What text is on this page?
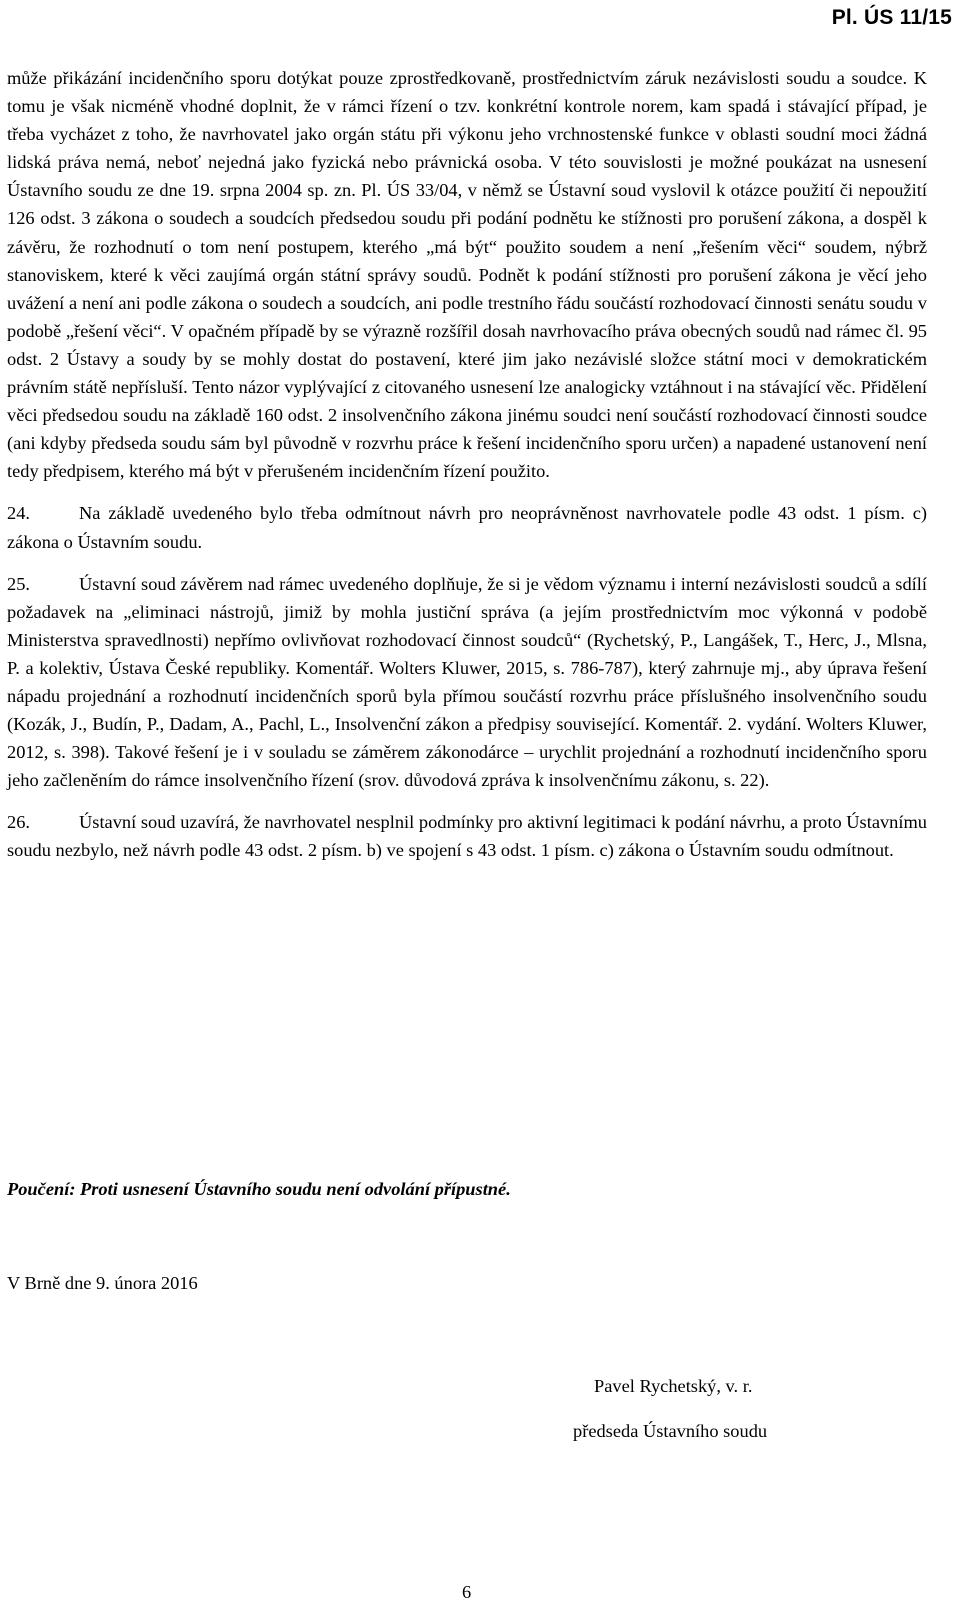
Pl. ÚS 11/15

může přikázání incidenčního sporu dotýkat pouze zprostředkovaně, prostřednictvím záruk nezávislosti soudu a soudce. K tomu je však nicméně vhodné doplnit, že v rámci řízení o tzv. konkrétní kontrole norem, kam spadá i stávající případ, je třeba vycházet z toho, že navrhovatel jako orgán státu při výkonu jeho vrchnostenské funkce v oblasti soudní moci žádná lidská práva nemá, neboť nejedná jako fyzická nebo právnická osoba. V této souvislosti je možné poukázat na usnesení Ústavního soudu ze dne 19. srpna 2004 sp. zn. Pl. ÚS 33/04, v němž se Ústavní soud vyslovil k otázce použití či nepoužití 126 odst. 3 zákona o soudech a soudcích předsedou soudu při podání podnětu ke stížnosti pro porušení zákona, a dospěl k závěru, že rozhodnutí o tom není postupem, kterého „má být“ použito soudem a není „řešením věci“ soudem, nýbrž stanoviskem, které k věci zaujímá orgán státní správy soudů. Podnět k podání stížnosti pro porušení zákona je věcí jeho uvážení a není ani podle zákona o soudech a soudcích, ani podle trestního řádu součástí rozhodovací činnosti senátu soudu v podobě „řešení věci“. V opačném případě by se výrazně rozšířil dosah navrhovacího práva obecných soudů nad rámec čl. 95 odst. 2 Ústavy a soudy by se mohly dostat do postavení, které jim jako nezávislé složce státní moci v demokratickém právním státě nepřísluší. Tento názor vyplývající z citovaného usnesení lze analogicky vztáhnout i na stávající věc. Přidělení věci předsedou soudu na základě 160 odst. 2 insolvenčního zákona jinému soudci není součástí rozhodovací činnosti soudce (ani kdyby předseda soudu sám byl původně v rozvrhu práce k řešení incidenčního sporu určen) a napadené ustanovení není tedy předpisem, kterého má být v přerušeném incidenčním řízení použito.

24.	Na základě uvedeného bylo třeba odmítnout návrh pro neoprávněnost navrhovatele podle 43 odst. 1 písm. c) zákona o Ústavním soudu.

25.	Ústavní soud závěrem nad rámec uvedeného doplňuje, že si je vědom významu i interní nezávislosti soudců a sdílí požadavek na „eliminaci nástrojů, jimiž by mohla justiční správa (a jejím prostřednictvím moc výkonná v podobě Ministerstva spravedlnosti) nepřímo ovlivňovat rozhodovací činnost soudců“ (Rychetský, P., Langášek, T., Herc, J., Mlsna, P. a kolektiv, Ústava České republiky. Komentář. Wolters Kluwer, 2015, s. 786-787), který zahrnuje mj., aby úprava řešení nápadu projednání a rozhodnutí incidenčních sporů byla přímou součástí rozvrhu práce příslušného insolvenčního soudu (Kozák, J., Budín, P., Dadam, A., Pachl, L., Insolvenční zákon a předpisy související. Komentář. 2. vydání. Wolters Kluwer, 2012, s. 398). Takové řešení je i v souladu se záměrem zákonodárce – urychlit projednání a rozhodnutí incidenčního sporu jeho začleněním do rámce insolvenčního řízení (srov. důvodová zpráva k insolvenčnímu zákonu, s. 22).

26.	Ústavní soud uzavírá, že navrhovatel nesplnil podmínky pro aktivní legitimaci k podání návrhu, a proto Ústavnímu soudu nezbylo, než návrh podle 43 odst. 2 písm. b) ve spojení s 43 odst. 1 písm. c) zákona o Ústavním soudu odmítnout.

Poučení: Proti usnesení Ústavního soudu není odvolání přípustné.
V Brně dne 9. února 2016
Pavel Rychetský, v. r.
předseda Ústavního soudu
6
